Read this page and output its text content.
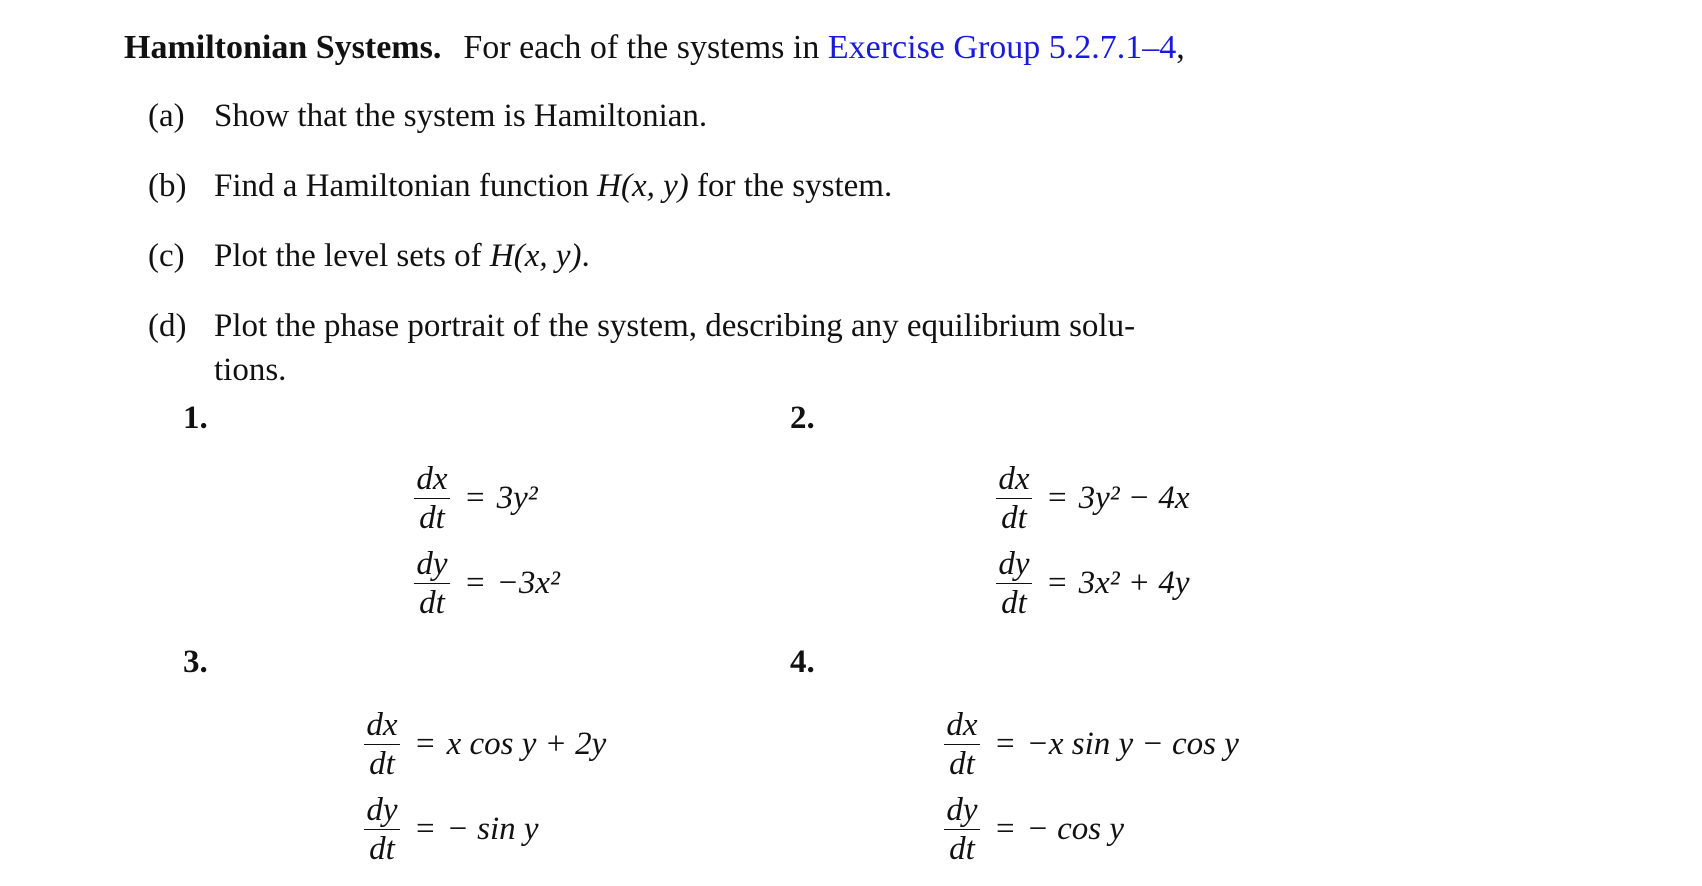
Hamiltonian Systems. For each of the systems in Exercise Group 5.2.7.1–4,
(a) Show that the system is Hamiltonian.
(b) Find a Hamiltonian function H(x, y) for the system.
(c) Plot the level sets of H(x, y).
(d) Plot the phase portrait of the system, describing any equilibrium solu-
tions.
1.
$\frac{dx}{dt} = 3y^2$
$\frac{dy}{dt} = -3x^2$
2.
$\frac{dx}{dt} = 3y^2 - 4x$
$\frac{dy}{dt} = 3x^2 + 4y$
3.
$\frac{dx}{dt} = x$ cos y + 2y
$\frac{dy}{dt}$ = − sin y
4.
$\frac{dx}{dt} = -x$ sin y − cos y
$\frac{dy}{dt}$ = − cos y
